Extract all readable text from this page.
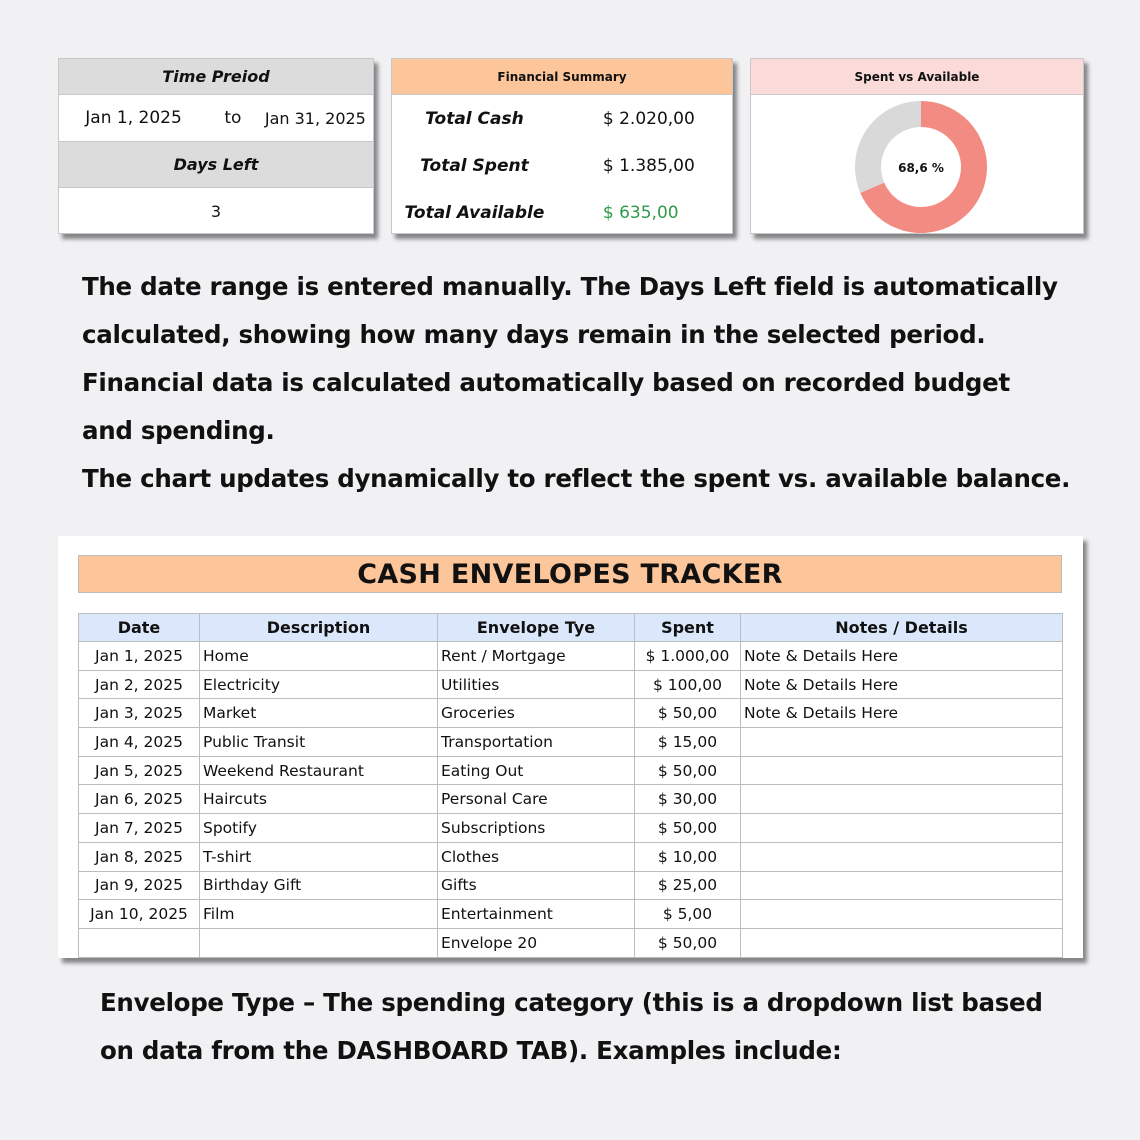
Time Preiod
Jan 1, 2025	to	Jan 31, 2025
Days Left
3
Financial Summary
Total Cash	$ 2.020,00
Total Spent	$ 1.385,00
Total Available	$ 635,00
Spent vs Available
68,6 %
The date range is entered manually. The Days Left field is automatically
calculated, showing how many days remain in the selected period.
Financial data is calculated automatically based on recorded budget
and spending.
The chart updates dynamically to reflect the spent vs. available balance.
CASH ENVELOPES TRACKER
Date	Description	Envelope Tye	Spent	Notes / Details
Jan 1, 2025	Home	Rent / Mortgage	$ 1.000,00	Note & Details Here
Jan 2, 2025	Electricity	Utilities	$ 100,00	Note & Details Here
Jan 3, 2025	Market	Groceries	$ 50,00	Note & Details Here
Jan 4, 2025	Public Transit	Transportation	$ 15,00	
Jan 5, 2025	Weekend Restaurant	Eating Out	$ 50,00	
Jan 6, 2025	Haircuts	Personal Care	$ 30,00	
Jan 7, 2025	Spotify	Subscriptions	$ 50,00	
Jan 8, 2025	T-shirt	Clothes	$ 10,00	
Jan 9, 2025	Birthday Gift	Gifts	$ 25,00	
Jan 10, 2025	Film	Entertainment	$ 5,00	
		Envelope 20	$ 50,00	
Envelope Type – The spending category (this is a dropdown list based
on data from the DASHBOARD TAB). Examples include:
